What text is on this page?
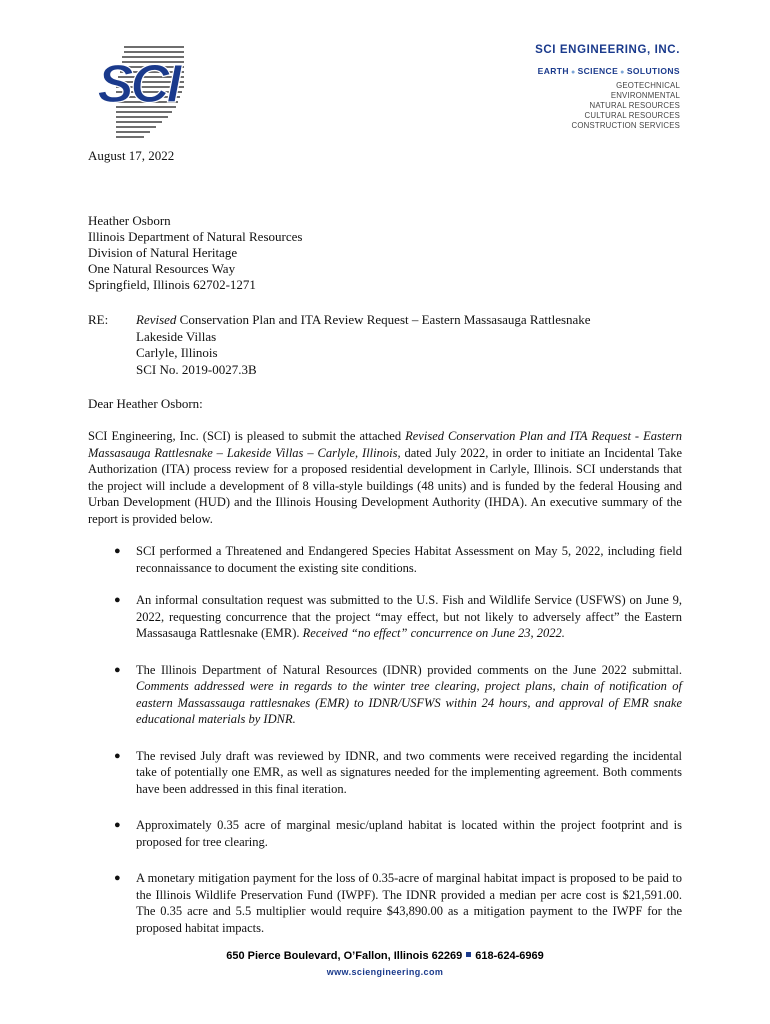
SCI
SCI ENGINEERING, INC.
EARTH ● SCIENCE ● SOLUTIONS
GEOTECHNICAL
ENVIRONMENTAL
NATURAL RESOURCES
CULTURAL RESOURCES
CONSTRUCTION SERVICES
August 17, 2022
Heather Osborn
Illinois Department of Natural Resources
Division of Natural Heritage
One Natural Resources Way
Springfield, Illinois 62702-1271
RE: Revised Conservation Plan and ITA Review Request – Eastern Massasauga Rattlesnake
Lakeside Villas
Carlyle, Illinois
SCI No. 2019-0027.3B
Dear Heather Osborn:
SCI Engineering, Inc. (SCI) is pleased to submit the attached Revised Conservation Plan and ITA Request - Eastern Massasauga Rattlesnake – Lakeside Villas – Carlyle, Illinois, dated July 2022, in order to initiate an Incidental Take Authorization (ITA) process review for a proposed residential development in Carlyle, Illinois. SCI understands that the project will include a development of 8 villa-style buildings (48 units) and is funded by the federal Housing and Urban Development (HUD) and the Illinois Housing Development Authority (IHDA). An executive summary of the report is provided below.
● SCI performed a Threatened and Endangered Species Habitat Assessment on May 5, 2022, including field reconnaissance to document the existing site conditions.
● An informal consultation request was submitted to the U.S. Fish and Wildlife Service (USFWS) on June 9, 2022, requesting concurrence that the project “may effect, but not likely to adversely affect” the Eastern Massasauga Rattlesnake (EMR). Received “no effect” concurrence on June 23, 2022.
● The Illinois Department of Natural Resources (IDNR) provided comments on the June 2022 submittal. Comments addressed were in regards to the winter tree clearing, project plans, chain of notification of eastern Massassauga rattlesnakes (EMR) to IDNR/USFWS within 24 hours, and approval of EMR snake educational materials by IDNR.
● The revised July draft was reviewed by IDNR, and two comments were received regarding the incidental take of potentially one EMR, as well as signatures needed for the implementing agreement. Both comments have been addressed in this final iteration.
● Approximately 0.35 acre of marginal mesic/upland habitat is located within the project footprint and is proposed for tree clearing.
● A monetary mitigation payment for the loss of 0.35-acre of marginal habitat impact is proposed to be paid to the Illinois Wildlife Preservation Fund (IWPF). The IDNR provided a median per acre cost is $21,591.00. The 0.35 acre and 5.5 multiplier would require $43,890.00 as a mitigation payment to the IWPF for the proposed habitat impacts.
650 Pierce Boulevard, O’Fallon, Illinois 62269 618-624-6969
www.sciengineering.com
